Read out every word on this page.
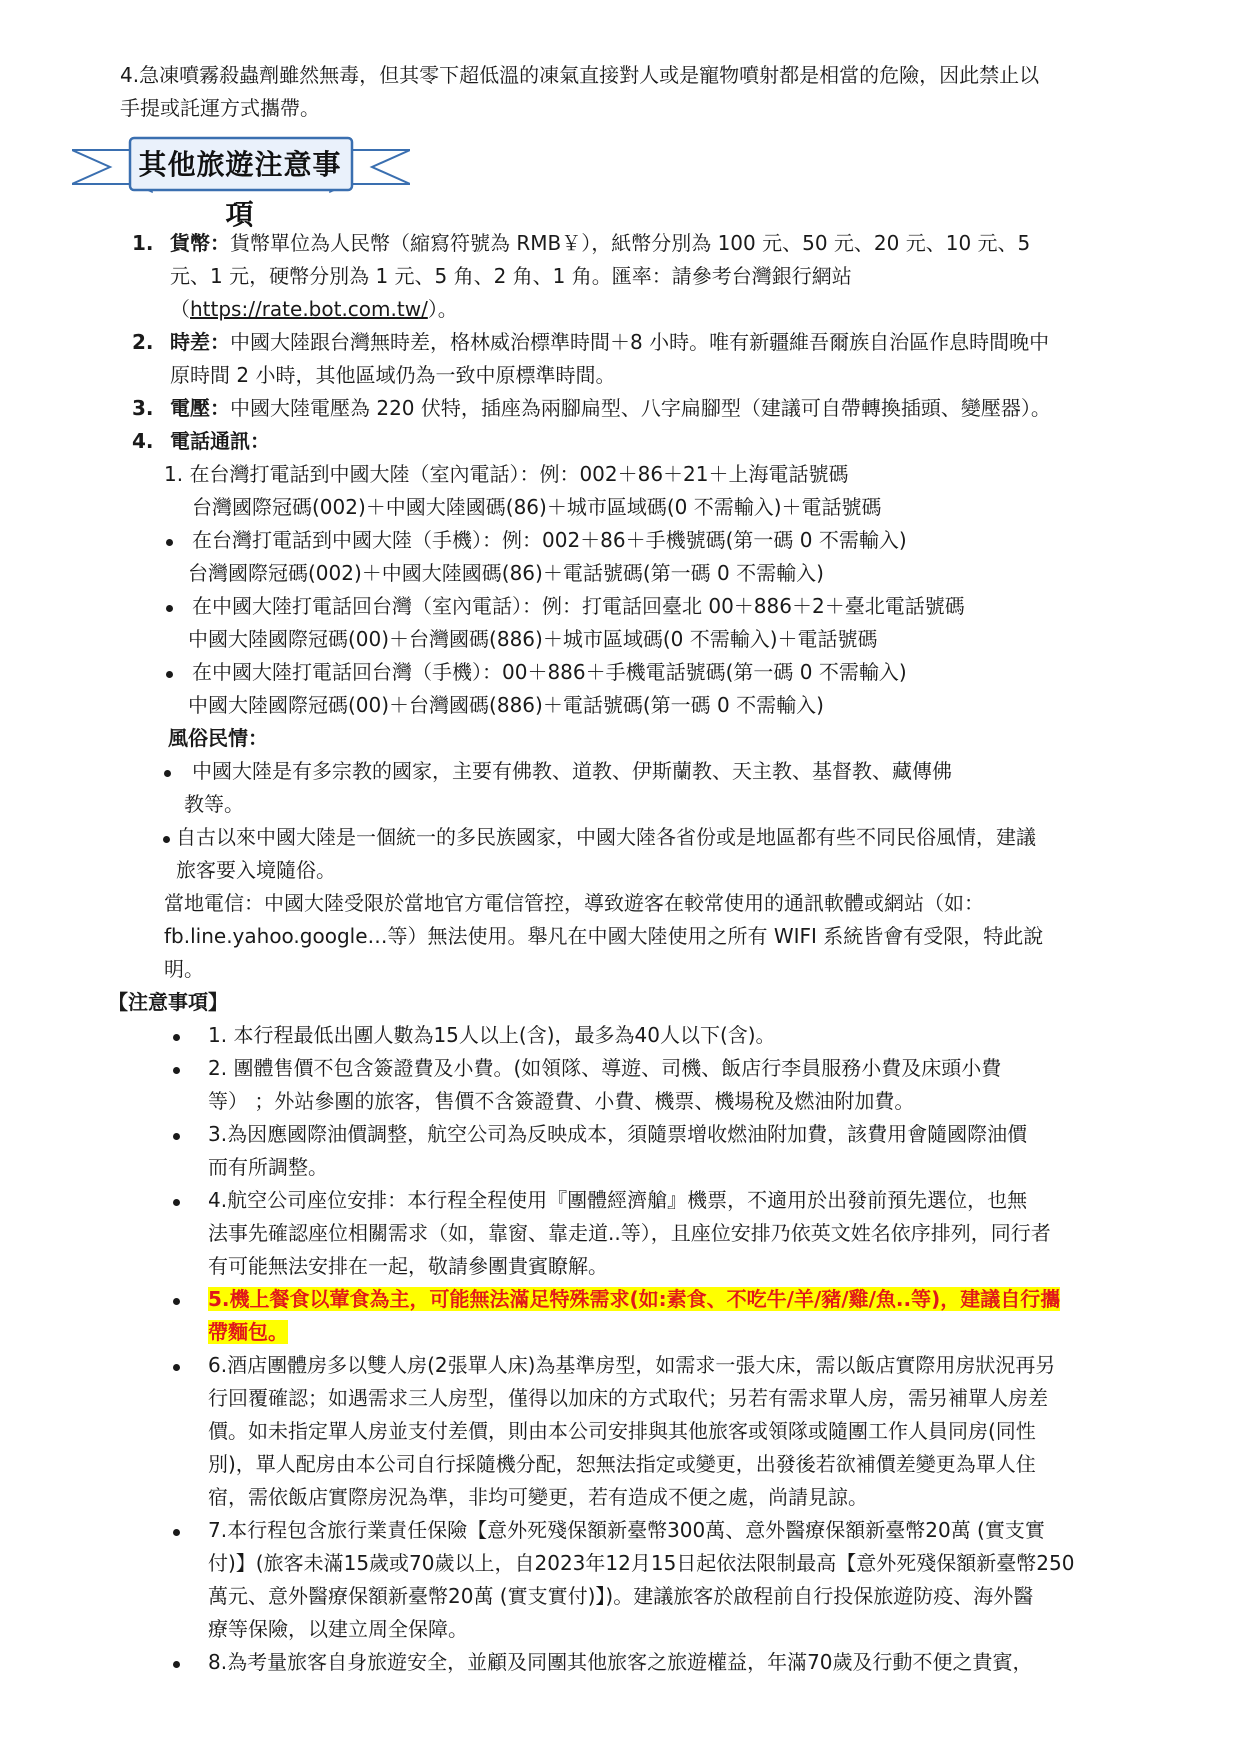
4.急凍噴霧殺蟲劑雖然無毒，但其零下超低溫的凍氣直接對人或是寵物噴射都是相當的危險，因此禁止以
手提或託運方式攜帶。
其他旅遊注意事項
1. 貨幣：貨幣單位為人民幣（縮寫符號為 RMB￥），紙幣分別為 100 元、50 元、20 元、10 元、5
元、1 元，硬幣分別為 1 元、5 角、2 角、1 角。匯率：請參考台灣銀行網站
（https://rate.bot.com.tw/）。
2. 時差：中國大陸跟台灣無時差，格林威治標準時間＋8 小時。唯有新疆維吾爾族自治區作息時間晚中
原時間 2 小時，其他區域仍為一致中原標準時間。
3. 電壓：中國大陸電壓為 220 伏特，插座為兩腳扁型、八字扁腳型（建議可自帶轉換插頭、變壓器）。
4. 電話通訊：
1. 在台灣打電話到中國大陸（室內電話）：例：002＋86＋21＋上海電話號碼
台灣國際冠碼(002)＋中國大陸國碼(86)＋城市區域碼(0 不需輸入)＋電話號碼
在台灣打電話到中國大陸（手機）：例：002＋86＋手機號碼(第一碼 0 不需輸入)
台灣國際冠碼(002)＋中國大陸國碼(86)＋電話號碼(第一碼 0 不需輸入)
在中國大陸打電話回台灣（室內電話）：例：打電話回臺北 00＋886＋2＋臺北電話號碼
中國大陸國際冠碼(00)＋台灣國碼(886)＋城市區域碼(0 不需輸入)＋電話號碼
在中國大陸打電話回台灣（手機）：00＋886＋手機電話號碼(第一碼 0 不需輸入)
中國大陸國際冠碼(00)＋台灣國碼(886)＋電話號碼(第一碼 0 不需輸入)
風俗民情：
中國大陸是有多宗教的國家，主要有佛教、道教、伊斯蘭教、天主教、基督教、藏傳佛
教等。
自古以來中國大陸是一個統一的多民族國家，中國大陸各省份或是地區都有些不同民俗風情，建議
旅客要入境隨俗。
當地電信：中國大陸受限於當地官方電信管控，導致遊客在較常使用的通訊軟體或網站（如：
fb.line.yahoo.google…等）無法使用。舉凡在中國大陸使用之所有 WIFI 系統皆會有受限，特此說
明。
【注意事項】
1. 本行程最低出團人數為15人以上(含)，最多為40人以下(含)。
2. 團體售價不包含簽證費及小費。(如領隊、導遊、司機、飯店行李員服務小費及床頭小費
等） ；外站參團的旅客，售價不含簽證費、小費、機票、機場稅及燃油附加費。
3.為因應國際油價調整，航空公司為反映成本，須隨票增收燃油附加費，該費用會隨國際油價
而有所調整。
4.航空公司座位安排：本行程全程使用『團體經濟艙』機票，不適用於出發前預先選位，也無
法事先確認座位相關需求（如，靠窗、靠走道..等），且座位安排乃依英文姓名依序排列，同行者
有可能無法安排在一起，敬請參團貴賓瞭解。
5.機上餐食以葷食為主，可能無法滿足特殊需求(如:素食、不吃牛/羊/豬/雞/魚..等)，建議自行攜
帶麵包。
6.酒店團體房多以雙人房(2張單人床)為基準房型，如需求一張大床，需以飯店實際用房狀況再另
行回覆確認；如遇需求三人房型，僅得以加床的方式取代；另若有需求單人房，需另補單人房差
價。如未指定單人房並支付差價，則由本公司安排與其他旅客或領隊或隨團工作人員同房(同性
別)，單人配房由本公司自行採隨機分配，恕無法指定或變更，出發後若欲補價差變更為單人住
宿，需依飯店實際房況為準，非均可變更，若有造成不便之處，尚請見諒。
7.本行程包含旅行業責任保險【意外死殘保額新臺幣300萬、意外醫療保額新臺幣20萬 (實支實
付)】(旅客未滿15歲或70歲以上，自2023年12月15日起依法限制最高【意外死殘保額新臺幣250
萬元、意外醫療保額新臺幣20萬 (實支實付)】)。建議旅客於啟程前自行投保旅遊防疫、海外醫
療等保險，以建立周全保障。
8.為考量旅客自身旅遊安全，並顧及同團其他旅客之旅遊權益，年滿70歲及行動不便之貴賓，
